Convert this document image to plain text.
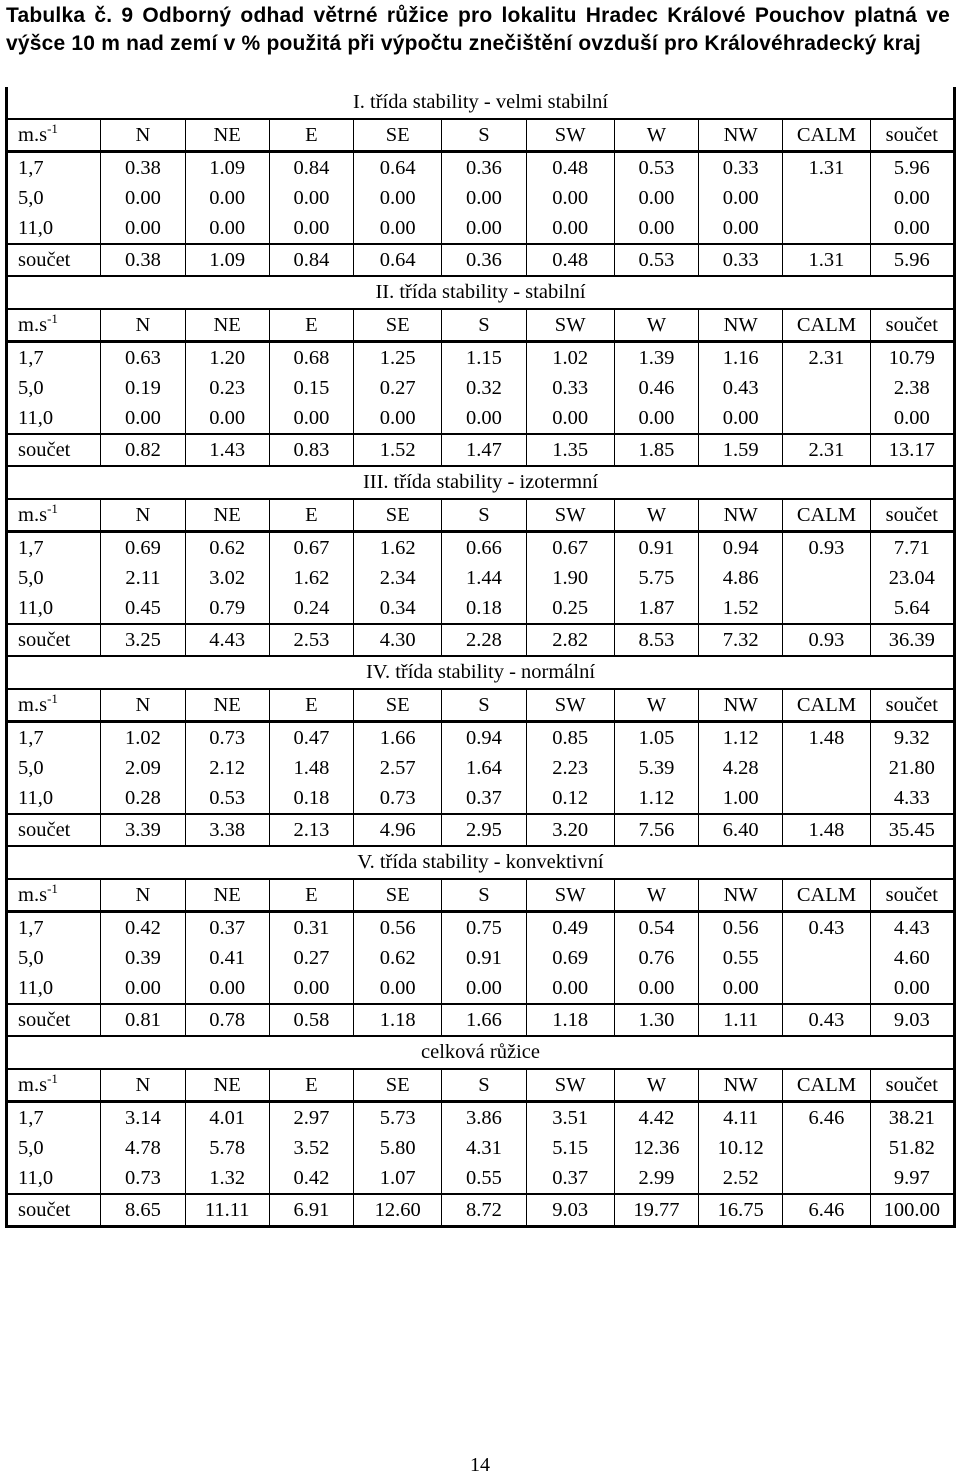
Tabulka č. 9 Odborný odhad větrné růžice pro lokalitu Hradec Králové Pouchov platná ve výšce 10 m nad zemí v % použitá při výpočtu znečištění ovzduší pro Královéhradecký kraj
I. třída stability - velmi stabilní										
$m.s^{-1}$	N	NE	E	SE	S	SW	W	NW	CALM	součet
1,7	0.38	1.09	0.84	0.64	0.36	0.48	0.53	0.33	1.31	5.96
5,0	0.00	0.00	0.00	0.00	0.00	0.00	0.00	0.00		0.00
11,0	0.00	0.00	0.00	0.00	0.00	0.00	0.00	0.00		0.00
součet	0.38	1.09	0.84	0.64	0.36	0.48	0.53	0.33	1.31	5.96
II. třída stability - stabilní										
$m.s^{-1}$	N	NE	E	SE	S	SW	W	NW	CALM	součet
1,7	0.63	1.20	0.68	1.25	1.15	1.02	1.39	1.16	2.31	10.79
5,0	0.19	0.23	0.15	0.27	0.32	0.33	0.46	0.43		2.38
11,0	0.00	0.00	0.00	0.00	0.00	0.00	0.00	0.00		0.00
součet	0.82	1.43	0.83	1.52	1.47	1.35	1.85	1.59	2.31	13.17
III. třída stability - izotermní										
$m.s^{-1}$	N	NE	E	SE	S	SW	W	NW	CALM	součet
1,7	0.69	0.62	0.67	1.62	0.66	0.67	0.91	0.94	0.93	7.71
5,0	2.11	3.02	1.62	2.34	1.44	1.90	5.75	4.86		23.04
11,0	0.45	0.79	0.24	0.34	0.18	0.25	1.87	1.52		5.64
součet	3.25	4.43	2.53	4.30	2.28	2.82	8.53	7.32	0.93	36.39
IV. třída stability - normální										
$m.s^{-1}$	N	NE	E	SE	S	SW	W	NW	CALM	součet
1,7	1.02	0.73	0.47	1.66	0.94	0.85	1.05	1.12	1.48	9.32
5,0	2.09	2.12	1.48	2.57	1.64	2.23	5.39	4.28		21.80
11,0	0.28	0.53	0.18	0.73	0.37	0.12	1.12	1.00		4.33
součet	3.39	3.38	2.13	4.96	2.95	3.20	7.56	6.40	1.48	35.45
V. třída stability - konvektivní										
$m.s^{-1}$	N	NE	E	SE	S	SW	W	NW	CALM	součet
1,7	0.42	0.37	0.31	0.56	0.75	0.49	0.54	0.56	0.43	4.43
5,0	0.39	0.41	0.27	0.62	0.91	0.69	0.76	0.55		4.60
11,0	0.00	0.00	0.00	0.00	0.00	0.00	0.00	0.00		0.00
součet	0.81	0.78	0.58	1.18	1.66	1.18	1.30	1.11	0.43	9.03
celková růžice										
$m.s^{-1}$	N	NE	E	SE	S	SW	W	NW	CALM	součet
1,7	3.14	4.01	2.97	5.73	3.86	3.51	4.42	4.11	6.46	38.21
5,0	4.78	5.78	3.52	5.80	4.31	5.15	12.36	10.12		51.82
11,0	0.73	1.32	0.42	1.07	0.55	0.37	2.99	2.52		9.97
součet	8.65	11.11	6.91	12.60	8.72	9.03	19.77	16.75	6.46	100.00
14
